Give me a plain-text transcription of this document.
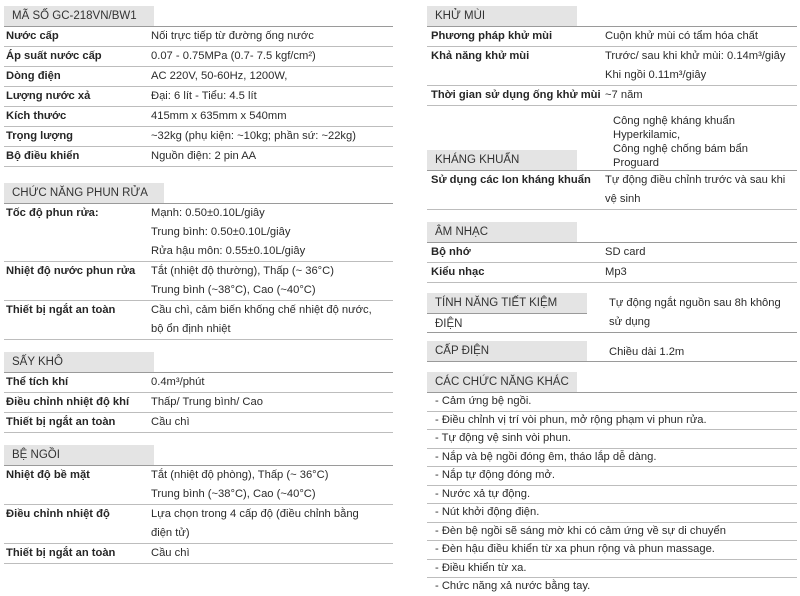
MÃ SỐ GC-218VN/BW1
Nước cấp	Nối trực tiếp từ đường ống nước
Áp suất nước cấp	0.07 - 0.75MPa (0.7- 7.5 kgf/cm²)
Dòng điện	AC 220V, 50-60Hz, 1200W,
Lượng nước xả	Đại: 6 lít - Tiểu: 4.5 lít
Kích thước	415mm x 635mm x 540mm
Trọng lượng	~32kg (phụ kiện: ~10kg; phần sứ: ~22kg)
Bộ điều khiển	Nguồn điện: 2 pin AA
CHỨC NĂNG PHUN RỬA
Tốc độ phun rửa:	Mạnh: 0.50±0.10L/giây
Trung bình: 0.50±0.10L/giây
Rửa hậu môn: 0.55±0.10L/giây
Nhiệt độ nước phun rửa	Tắt (nhiệt độ thường), Thấp (~ 36°C)
Trung bình (~38°C), Cao (~40°C)
Thiết bị ngắt an toàn	Cầu chì, cảm biến khống chế nhiệt độ nước,
bộ ổn định nhiệt
SẤY KHÔ
Thể tích khí	0.4m³/phút
Điều chỉnh nhiệt độ khí	Thấp/ Trung bình/ Cao
Thiết bị ngắt an toàn	Cầu chì
BỆ NGỒI
Nhiệt độ bề mặt	Tắt (nhiệt độ phòng), Thấp (~ 36°C)
Trung bình (~38°C), Cao (~40°C)
Điều chỉnh nhiệt độ	Lựa chọn trong 4 cấp độ (điều chỉnh bằng
điện tử)
Thiết bị ngắt an toàn	Cầu chì
KHỬ MÙI
Phương pháp khử mùi	Cuộn khử mùi có tẩm hóa chất
Khả năng khử mùi	Trước/ sau khi khử mùi: 0.14m³/giây
Khi ngồi 0.11m³/giây
Thời gian sử dụng ống khử mùi ~7 năm
KHÁNG KHUẨN
Công nghệ kháng khuẩn Hyperkilamic,
Công nghệ chống bám bẩn Proguard
Sử dụng các Ion kháng khuẩn	Tự động điều chỉnh trước và sau khi
vệ sinh
ÂM NHẠC
Bộ nhớ	SD card
Kiểu nhạc	Mp3
TÍNH NĂNG TIẾT KIỆM ĐIỆN
Tự động ngắt nguồn sau 8h không
sử dụng
CẤP ĐIỆN	Chiều dài 1.2m
CÁC CHỨC NĂNG KHÁC
- Cảm ứng bệ ngồi.
- Điều chỉnh vị trí vòi phun, mở rộng phạm vi phun rửa.
- Tự động vệ sinh vòi phun.
- Nắp và bệ ngồi đóng êm, tháo lắp dễ dàng.
- Nắp tự động đóng mở.
- Nước xả tự động.
- Nút khởi động điện.
- Đèn bệ ngồi sẽ sáng mờ khi có cảm ứng về sự di chuyển
- Đèn hậu điều khiển từ xa phun rộng và phun massage.
- Điều khiển từ xa.
- Chức năng xả nước bằng tay.
